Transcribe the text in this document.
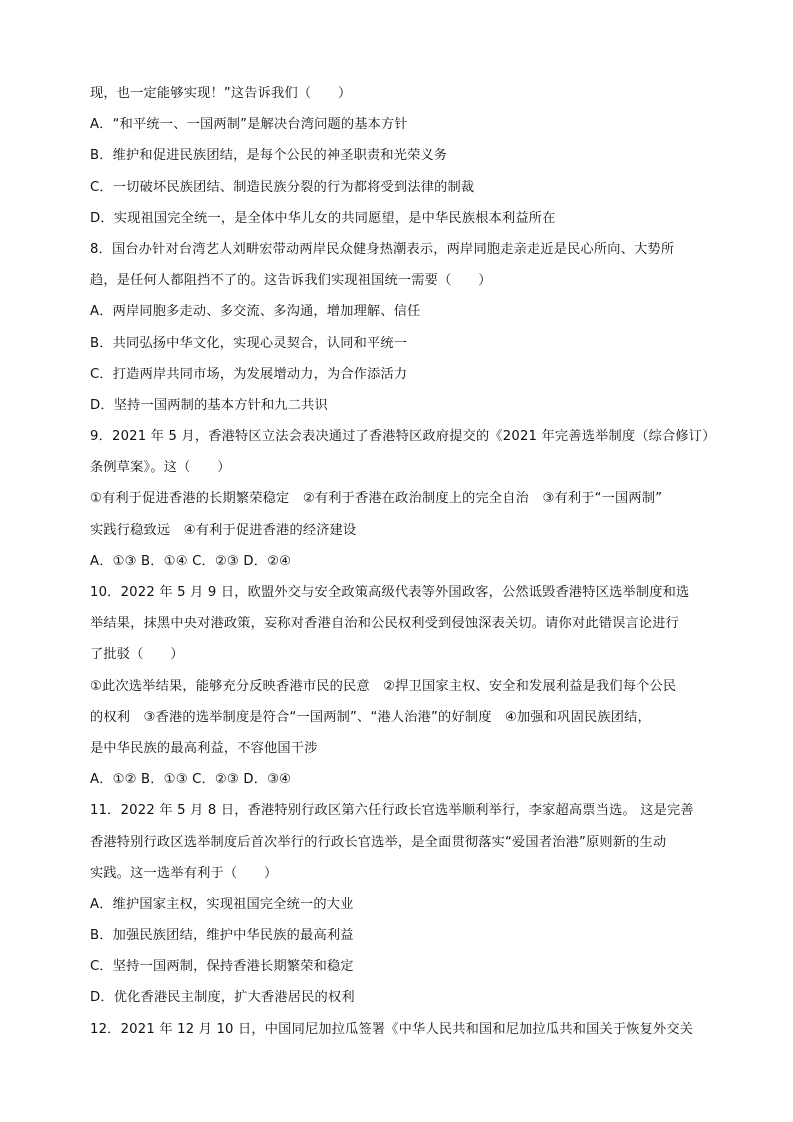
现，也一定能够实现！”这告诉我们（　　）
A．“和平统一、一国两制”是解决台湾问题的基本方针
B．维护和促进民族团结，是每个公民的神圣职责和光荣义务
C．一切破坏民族团结、制造民族分裂的行为都将受到法律的制裁
D．实现祖国完全统一，是全体中华儿女的共同愿望，是中华民族根本利益所在
8．国台办针对台湾艺人刘畊宏带动两岸民众健身热潮表示，两岸同胞走亲走近是民心所向、大势所
趋，是任何人都阻挡不了的。这告诉我们实现祖国统一需要（　　）
A．两岸同胞多走动、多交流、多沟通，增加理解、信任
B．共同弘扬中华文化，实现心灵契合，认同和平统一
C．打造两岸共同市场，为发展增动力，为合作添活力
D．坚持一国两制的基本方针和九二共识
9．2021 年 5 月，香港特区立法会表决通过了香港特区政府提交的《2021 年完善选举制度（综合修订）
条例草案》。这（　　）
①有利于促进香港的长期繁荣稳定　②有利于香港在政治制度上的完全自治　③有利于“一国两制”
实践行稳致远　④有利于促进香港的经济建设
A．①③ B．①④ C．②③ D．②④
10．2022 年 5 月 9 日，欧盟外交与安全政策高级代表等外国政客，公然诋毁香港特区选举制度和选
举结果，抹黑中央对港政策，妄称对香港自治和公民权利受到侵蚀深表关切。请你对此错误言论进行
了批驳（　　）
①此次选举结果，能够充分反映香港市民的民意　②捍卫国家主权、安全和发展利益是我们每个公民
的权利　③香港的选举制度是符合“一国两制”、“港人治港”的好制度　④加强和巩固民族团结，
是中华民族的最高利益，不容他国干涉
A．①② B．①③ C．②③ D．③④
11．2022 年 5 月 8 日，香港特别行政区第六任行政长官选举顺利举行，李家超高票当选。 这是完善
香港特别行政区选举制度后首次举行的行政长官选举，是全面贯彻落实“爱国者治港”原则新的生动
实践。这一选举有利于（　　）
A．维护国家主权，实现祖国完全统一的大业
B．加强民族团结，维护中华民族的最高利益
C．坚持一国两制，保持香港长期繁荣和稳定
D．优化香港民主制度，扩大香港居民的权利
12．2021 年 12 月 10 日，中国同尼加拉瓜签署《中华人民共和国和尼加拉瓜共和国关于恢复外交关
